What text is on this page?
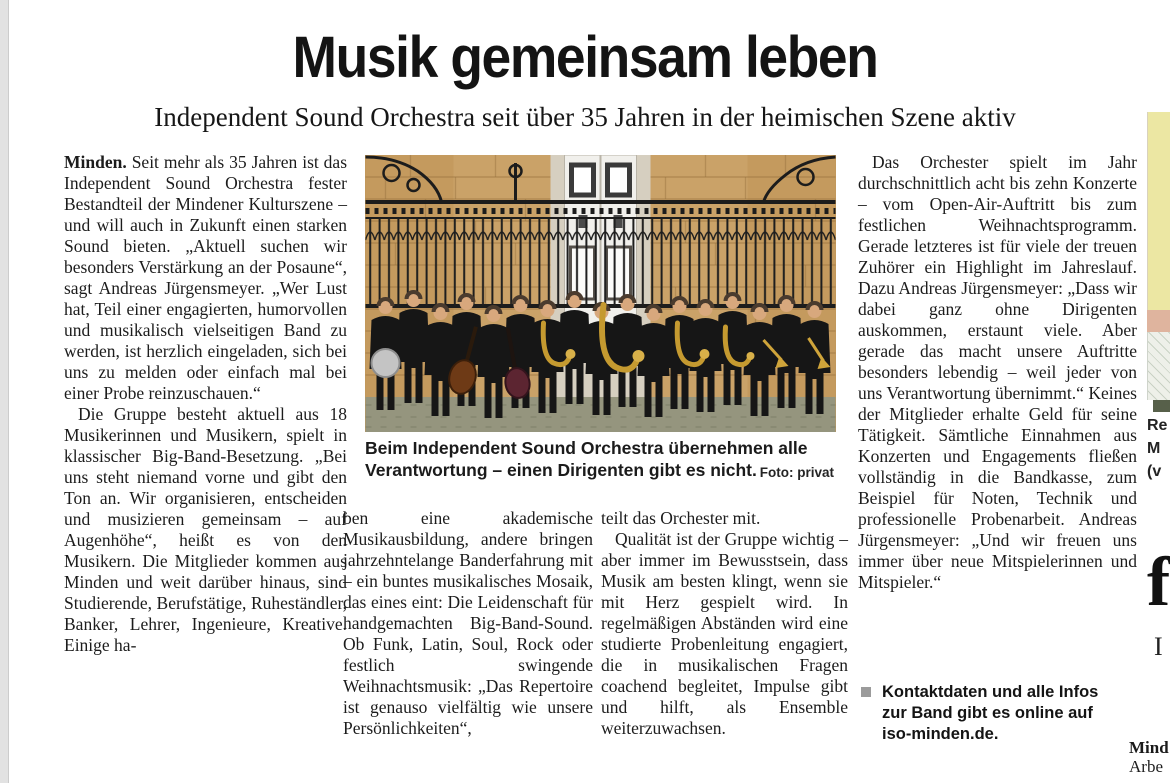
Musik gemeinsam leben
Independent Sound Orchestra seit über 35 Jahren in der heimischen Szene aktiv

Minden. Seit mehr als 35 Jahren ist das Independent Sound Orchestra fester Bestandteil der Mindener Kulturszene – und will auch in Zukunft einen starken Sound bieten. „Aktuell suchen wir besonders Verstärkung an der Posaune“, sagt Andreas Jürgensmeyer. „Wer Lust hat, Teil einer engagierten, humorvollen und musikalisch vielseitigen Band zu werden, ist herzlich eingeladen, sich bei uns zu melden oder einfach mal bei einer Probe reinzuschauen.“

Die Gruppe besteht aktuell aus 18 Musikerinnen und Musikern, spielt in klassischer Big-Band-Besetzung. „Bei uns steht niemand vorne und gibt den Ton an. Wir organisieren, entscheiden und musizieren gemeinsam – auf Augenhöhe“, heißt es von den Musikern. Die Mitglieder kommen aus Minden und weit darüber hinaus, sind Studierende, Berufstätige, Ruheständler, Banker, Lehrer, Ingenieure, Kreative. Einige ha-

ben eine akademische Musikausbildung, andere bringen jahrzehntelange Banderfahrung mit – ein buntes musikalisches Mosaik, das eines eint: Die Leidenschaft für handgemachten Big-Band-Sound. Ob Funk, Latin, Soul, Rock oder festlich swingende Weihnachtsmusik: „Das Repertoire ist genauso vielfältig wie unsere Persönlichkeiten“,

teilt das Orchester mit.

Qualität ist der Gruppe wichtig – aber immer im Bewusstsein, dass Musik am besten klingt, wenn sie mit Herz gespielt wird. In regelmäßigen Abständen wird eine studierte Probenleitung engagiert, die in musikalischen Fragen coachend begleitet, Impulse gibt und hilft, als Ensemble weiterzuwachsen.

Das Orchester spielt im Jahr durchschnittlich acht bis zehn Konzerte – vom Open-Air-Auftritt bis zum festlichen Weihnachtsprogramm. Gerade letzteres ist für viele der treuen Zuhörer ein Highlight im Jahreslauf. Dazu Andreas Jürgensmeyer: „Dass wir dabei ganz ohne Dirigenten auskommen, erstaunt viele. Aber gerade das macht unsere Auftritte besonders lebendig – weil jeder von uns Verantwortung übernimmt.“ Keines der Mitglieder erhalte Geld für seine Tätigkeit. Sämtliche Einnahmen aus Konzerten und Engagements fließen vollständig in die Bandkasse, zum Beispiel für Noten, Technik und professionelle Probenarbeit. Andreas Jürgensmeyer: „Und wir freuen uns immer über neue Mitspielerinnen und Mitspieler.“

Beim Independent Sound Orchestra übernehmen alle Verantwortung – einen Dirigenten gibt es nicht. Foto: privat
Kontaktdaten und alle Infos zur Band gibt es online auf iso-minden.de.
Re
M
(v
f
I
Mind
Arbe
